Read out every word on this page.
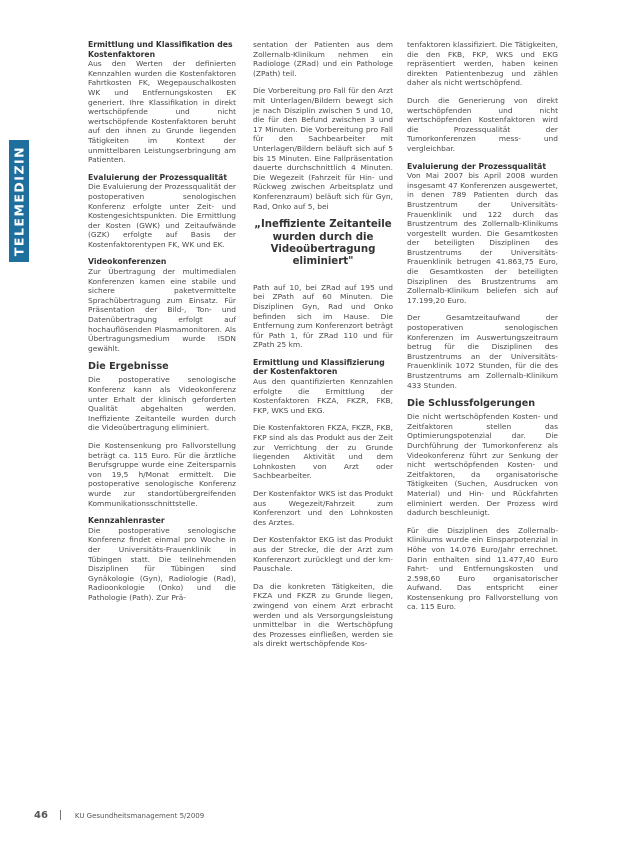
TELEMEDIZIN
Ermittlung und Klassifikation des Kostenfaktoren

Aus den Werten der definierten Kennzahlen wurden die Kostenfaktoren Fahrtkosten FK, Wegepauschalkosten WK und Entfernungskosten EK generiert. Ihre Klassifikation in direkt wertschöpfende und nicht wertschöpfende Kostenfaktoren beruht auf den ihnen zu Grunde liegenden Tätigkeiten im Kontext der unmittelbaren Leistungserbringung am Patienten.

Evaluierung der Prozessqualität

Die Evaluierung der Prozessqualität der postoperativen senologischen Konferenz erfolgte unter Zeit- und Kostengesichtspunkten. Die Ermittlung der Kosten (GWK) und Zeitaufwände (GZK) erfolgte auf Basis der Kostenfaktorentypen FK, WK und EK.

Videokonferenzen

Zur Übertragung der multimedialen Konferenzen kamen eine stabile und sichere paketvermittelte Sprachübertragung zum Einsatz. Für Präsentation der Bild-, Ton- und Datenübertragung erfolgt auf hochauflösenden Plasmamonitoren. Als Übertragungsmedium wurde ISDN gewählt.

Die Ergebnisse

Die postoperative senologische Konferenz kann als Videokonferenz unter Erhalt der klinisch geforderten Qualität abgehalten werden. Ineffiziente Zeitanteile wurden durch die Videoübertragung eliminiert.

Die Kostensenkung pro Fallvorstellung beträgt ca. 115 Euro. Für die ärztliche Berufsgruppe wurde eine Zeitersparnis von 19,5 h/Monat ermittelt. Die postoperative senologische Konferenz wurde zur standortübergreifenden Kommunikationsschnittstelle.

Kennzahlenraster

Die postoperative senologische Konferenz findet einmal pro Woche in der Universitäts-Frauenklinik in Tübingen statt. Die teilnehmenden Disziplinen für Tübingen sind Gynäkologie (Gyn), Radiologie (Rad), Radioonkologie (Onko) und die Pathologie (Path). Zur Prä-

sentation der Patienten aus dem Zollernalb-Klinikum nehmen ein Radiologe (ZRad) und ein Pathologe (ZPath) teil.

Die Vorbereitung pro Fall für den Arzt mit Unterlagen/Bildern bewegt sich je nach Disziplin zwischen 5 und 10, die für den Befund zwischen 3 und 17 Minuten. Die Vorbereitung pro Fall für den Sachbearbeiter mit Unterlagen/Bildern beläuft sich auf 5 bis 15 Minuten. Eine Fallpräsentation dauerte durchschnittlich 4 Minuten. Die Wegezeit (Fahrzeit für Hin- und Rückweg zwischen Arbeitsplatz und Konferenzraum) beläuft sich für Gyn, Rad, Onko auf 5, bei

„Ineffiziente Zeitanteile wurden durch die Videoübertragung eliminiert"

Path auf 10, bei ZRad auf 195 und bei ZPath auf 60 Minuten. Die Disziplinen Gyn, Rad und Onko befinden sich im Hause. Die Entfernung zum Konferenzort beträgt für Path 1, für ZRad 110 und für ZPath 25 km.

Ermittlung und Klassifizierung der Kostenfaktoren

Aus den quantifizierten Kennzahlen erfolgte die Ermittlung der Kostenfaktoren FKZA, FKZR, FKB, FKP, WKS und EKG.

Die Kostenfaktoren FKZA, FKZR, FKB, FKP sind als das Produkt aus der Zeit zur Verrichtung der zu Grunde liegenden Aktivität und dem Lohnkosten von Arzt oder Sachbearbeiter.

Der Kostenfaktor WKS ist das Produkt aus Wegezeit/Fahrzeit zum Konferenzort und den Lohnkosten des Arztes.

Der Kostenfaktor EKG ist das Produkt aus der Strecke, die der Arzt zum Konferenzort zurücklegt und der km-Pauschale.

Da die konkreten Tätigkeiten, die FKZA und FKZR zu Grunde liegen, zwingend von einem Arzt erbracht werden und als Versorgungsleistung unmittelbar in die Wertschöpfung des Prozesses einfließen, werden sie als direkt wertschöpfende Kos-

tenfaktoren klassifiziert. Die Tätigkeiten, die den FKB, FKP, WKS und EKG repräsentiert werden, haben keinen direkten Patientenbezug und zählen daher als nicht wertschöpfend.

Durch die Generierung von direkt wertschöpfenden und nicht wertschöpfenden Kostenfaktoren wird die Prozessqualität der Tumorkonferenzen mess- und vergleichbar.

Evaluierung der Prozessqualität

Von Mai 2007 bis April 2008 wurden insgesamt 47 Konferenzen ausgewertet, in denen 789 Patienten durch das Brustzentrum der Universitäts-Frauenklinik und 122 durch das Brustzentrum des Zollernalb-Klinikums vorgestellt wurden. Die Gesamtkosten der beteiligten Disziplinen des Brustzentrums der Universitäts-Frauenklinik betrugen 41.863,75 Euro, die Gesamtkosten der beteiligten Disziplinen des Brustzentrums am Zollernalb-Klinikum beliefen sich auf 17.199,20 Euro.

Der Gesamtzeitaufwand der postoperativen senologischen Konferenzen im Auswertungszeitraum betrug für die Disziplinen des Brustzentrums an der Universitäts-Frauenklinik 1072 Stunden, für die des Brustzentrums am Zollernalb-Klinikum 433 Stunden.

Die Schlussfolgerungen

Die nicht wertschöpfenden Kosten- und Zeitfaktoren stellen das Optimierungspotenzial dar. Die Durchführung der Tumorkonferenz als Videokonferenz führt zur Senkung der nicht wertschöpfenden Kosten- und Zeitfaktoren, da organisatorische Tätigkeiten (Suchen, Ausdrucken von Material) und Hin- und Rückfahrten eliminiert werden. Der Prozess wird dadurch beschleunigt.

Für die Disziplinen des Zollernalb-Klinikums wurde ein Einsparpotenzial in Höhe von 14.076 Euro/Jahr errechnet. Darin enthalten sind 11.477,40 Euro Fahrt- und Entfernungskosten und 2.598,60 Euro organisatorischer Aufwand. Das entspricht einer Kostensenkung pro Fallvorstellung von ca. 115 Euro.

46	KU Gesundheitsmanagement 5/2009
